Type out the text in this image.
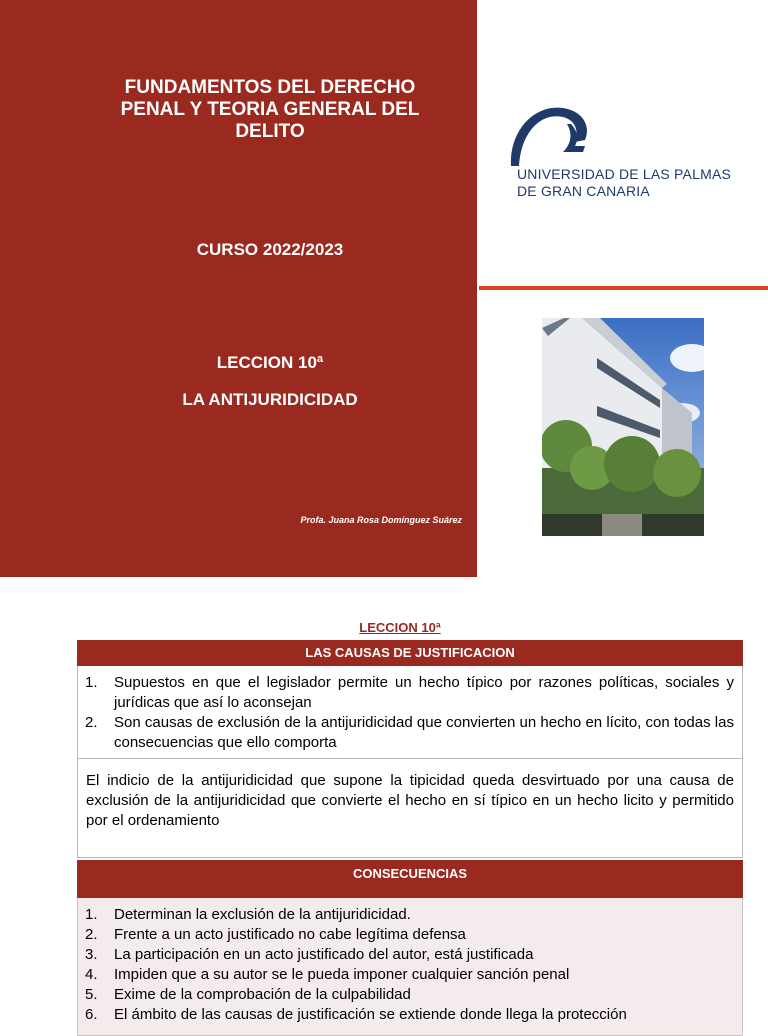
FUNDAMENTOS DEL DERECHO
PENAL Y TEORIA GENERAL DEL
DELITO
CURSO 2022/2023
LECCION 10ª
LA ANTIJURIDICIDAD
Profa. Juana Rosa Domínguez Suárez
UNIVERSIDAD DE LAS PALMAS
DE GRAN CANARIA
LECCION 10ª
LAS CAUSAS DE JUSTIFICACION
1. Supuestos en que el legislador permite un hecho típico por razones políticas, sociales y jurídicas que así lo aconsejan
2. Son causas de exclusión de la antijuridicidad que convierten un hecho en lícito, con todas las consecuencias que ello comporta
El indicio de la antijuridicidad que supone la tipicidad queda desvirtuado por una causa de exclusión de la antijuridicidad que convierte el hecho en sí típico en un hecho licito y permitido por el ordenamiento
CONSECUENCIAS
1. Determinan la exclusión de la antijuridicidad.
2. Frente a un acto justificado no cabe legítima defensa
3. La participación en un acto justificado del autor, está justificada
4. Impiden que a su autor se le pueda imponer cualquier sanción penal
5. Exime de la comprobación de la culpabilidad
6. El ámbito de las causas de justificación se extiende donde llega la protección
